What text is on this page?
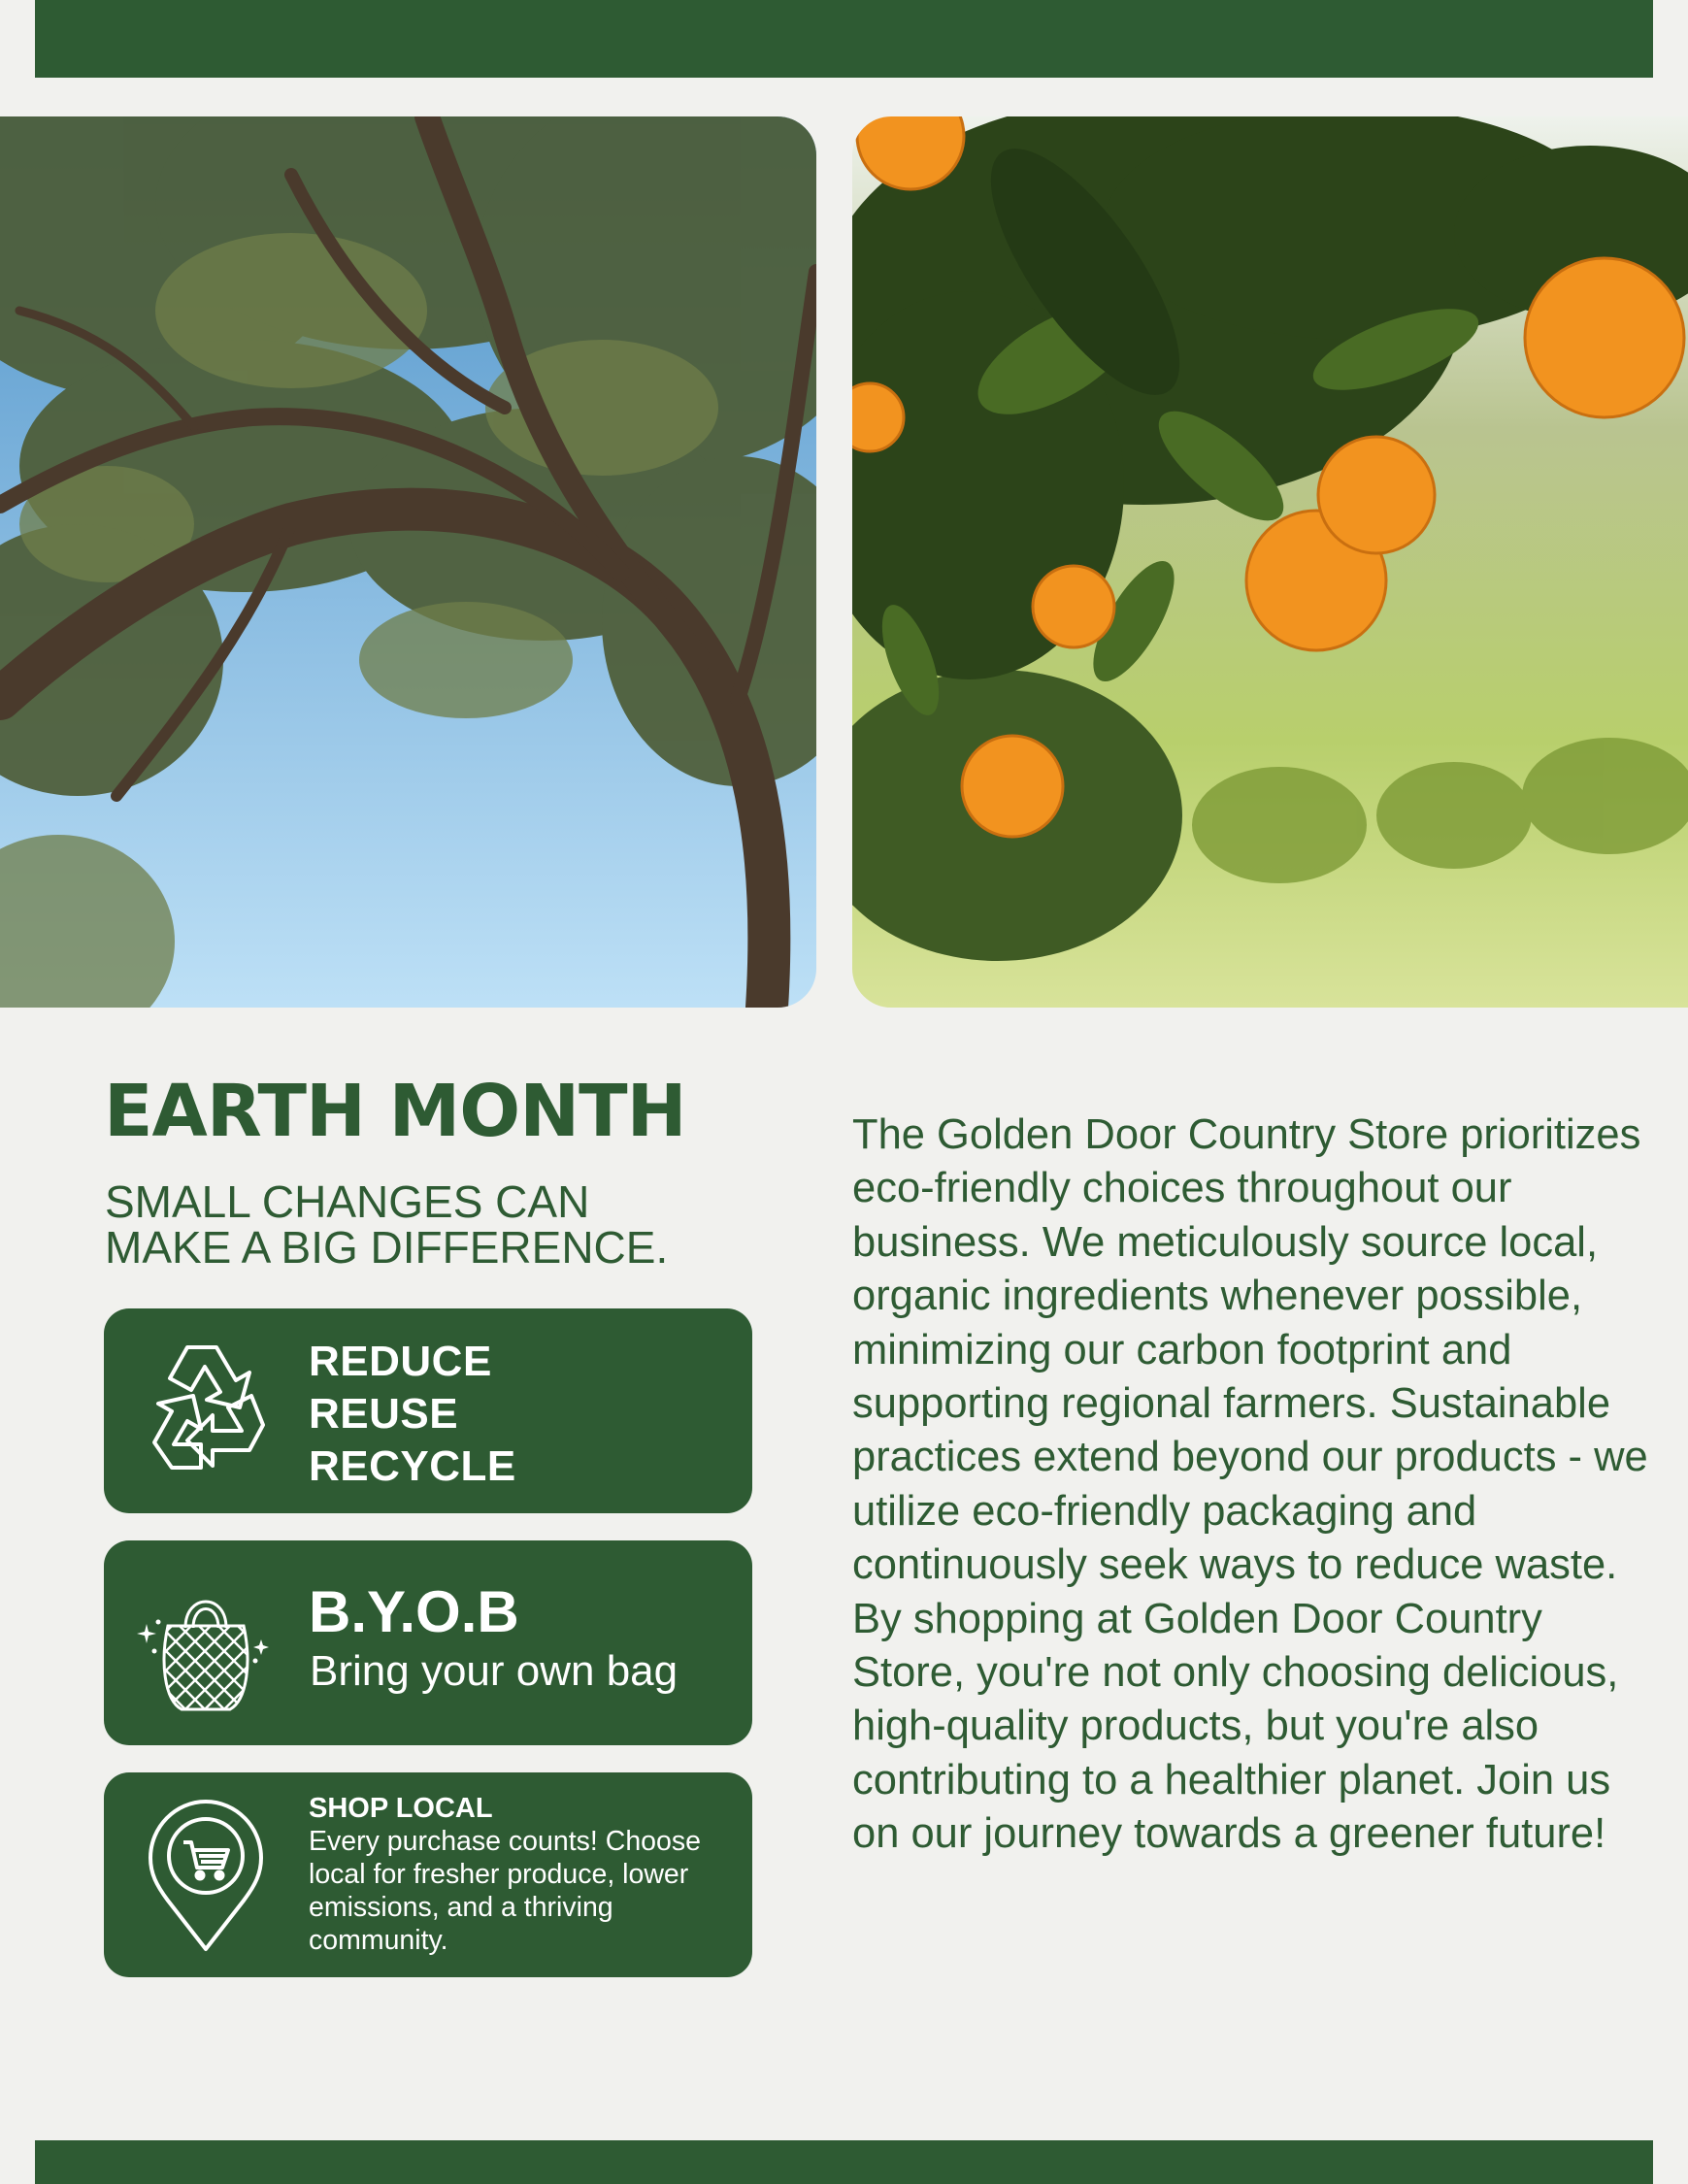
EARTH MONTH

SMALL CHANGES CAN MAKE A BIG DIFFERENCE.

REDUCE
REUSE
RECYCLE
B.Y.O.B
Bring your own bag
SHOP LOCAL
Every purchase counts! Choose local for fresher produce, lower emissions, and a thriving community.

The Golden Door Country Store prioritizes eco-friendly choices throughout our business. We meticulously source local, organic ingredients whenever possible, minimizing our carbon footprint and supporting regional farmers. Sustainable practices extend beyond our products - we utilize eco-friendly packaging and continuously seek ways to reduce waste. By shopping at Golden Door Country Store, you're not only choosing delicious, high-quality products, but you're also contributing to a healthier planet. Join us on our journey towards a greener future!
